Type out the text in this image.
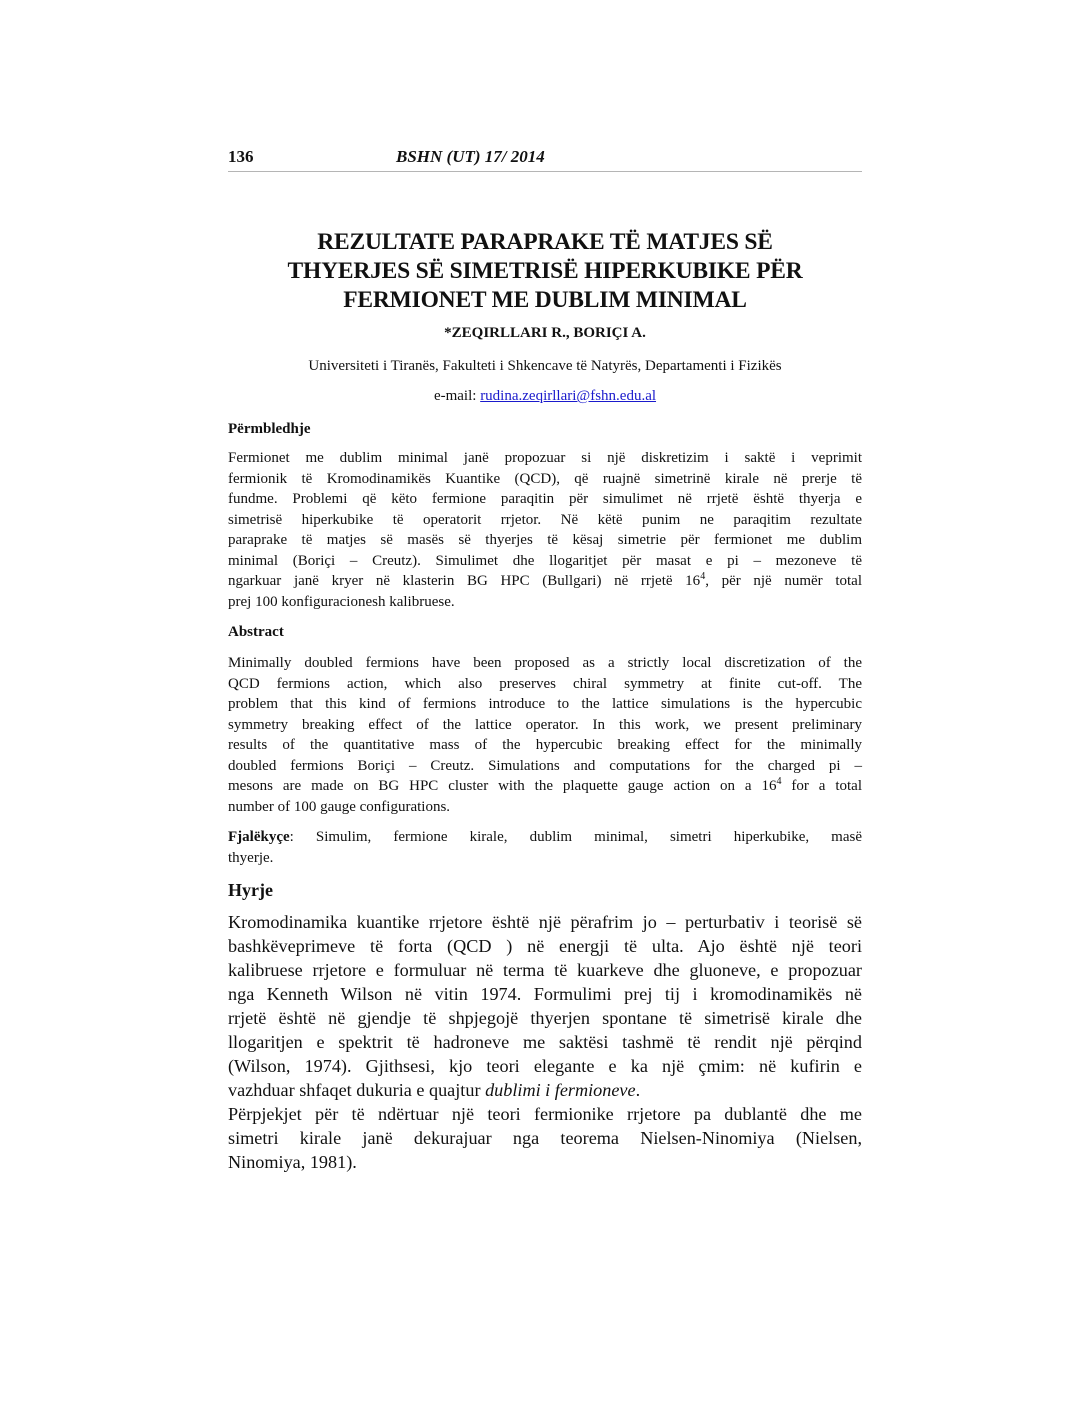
136	BSHN (UT) 17/ 2014
REZULTATE PARAPRAKE TË MATJES SË
THYERJES SË SIMETRISË HIPERKUBIKE PËR
FERMIONET ME DUBLIM MINIMAL
*ZEQIRLLARI R., BORIÇI A.
Universiteti i Tiranës, Fakulteti i Shkencave të Natyrës, Departamenti i Fizikës
e-mail: rudina.zeqirllari@fshn.edu.al

Përmbledhje

Fermionet me dublim minimal janë propozuar si një diskretizim i saktë i veprimit
fermionik të Kromodinamikës Kuantike (QCD), që ruajnë simetrinë kirale në prerje të
fundme. Problemi që këto fermione paraqitin për simulimet në rrjetë është thyerja e
simetrisë hiperkubike të operatorit rrjetor. Në këtë punim ne paraqitim rezultate
paraprake të matjes së masës së thyerjes të kësaj simetrie për fermionet me dublim
minimal (Boriçi – Creutz). Simulimet dhe llogaritjet për masat e pi – mezoneve të
ngarkuar janë kryer në klasterin BG HPC (Bullgari) në rrjetë $16^4$, për një numër total
prej 100 konfiguracionesh kalibruese.

Abstract

Minimally doubled fermions have been proposed as a strictly local discretization of the
QCD fermions action, which also preserves chiral symmetry at finite cut-off. The
problem that this kind of fermions introduce to the lattice simulations is the hypercubic
symmetry breaking effect of the lattice operator. In this work, we present preliminary
results of the quantitative mass of the hypercubic breaking effect for the minimally
doubled fermions Boriçi – Creutz. Simulations and computations for the charged pi –
mesons are made on BG HPC cluster with the plaquette gauge action on a $16^4$ for a total
number of 100 gauge configurations.

Fjalëkyçe: Simulim, fermione kirale, dublim minimal, simetri hiperkubike, masë
thyerje.

Hyrje

Kromodinamika kuantike rrjetore është një përafrim jo – perturbativ i teorisë së
bashkëveprimeve të forta (QCD ) në energji të ulta. Ajo është një teori
kalibruese rrjetore e formuluar në terma të kuarkeve dhe gluoneve, e propozuar
nga Kenneth Wilson në vitin 1974. Formulimi prej tij i kromodinamikës në
rrjetë është në gjendje të shpjegojë thyerjen spontane të simetrisë kirale dhe
llogaritjen e spektrit të hadroneve me saktësi tashmë të rendit një përqind
(Wilson, 1974). Gjithsesi, kjo teori elegante e ka një çmim: në kufirin e
vazhduar shfaqet dukuria e quajtur dublimi i fermioneve.

Përpjekjet për të ndërtuar një teori fermionike rrjetore pa dublantë dhe me
simetri kirale janë dekurajuar nga teorema Nielsen-Ninomiya (Nielsen,
Ninomiya, 1981).
